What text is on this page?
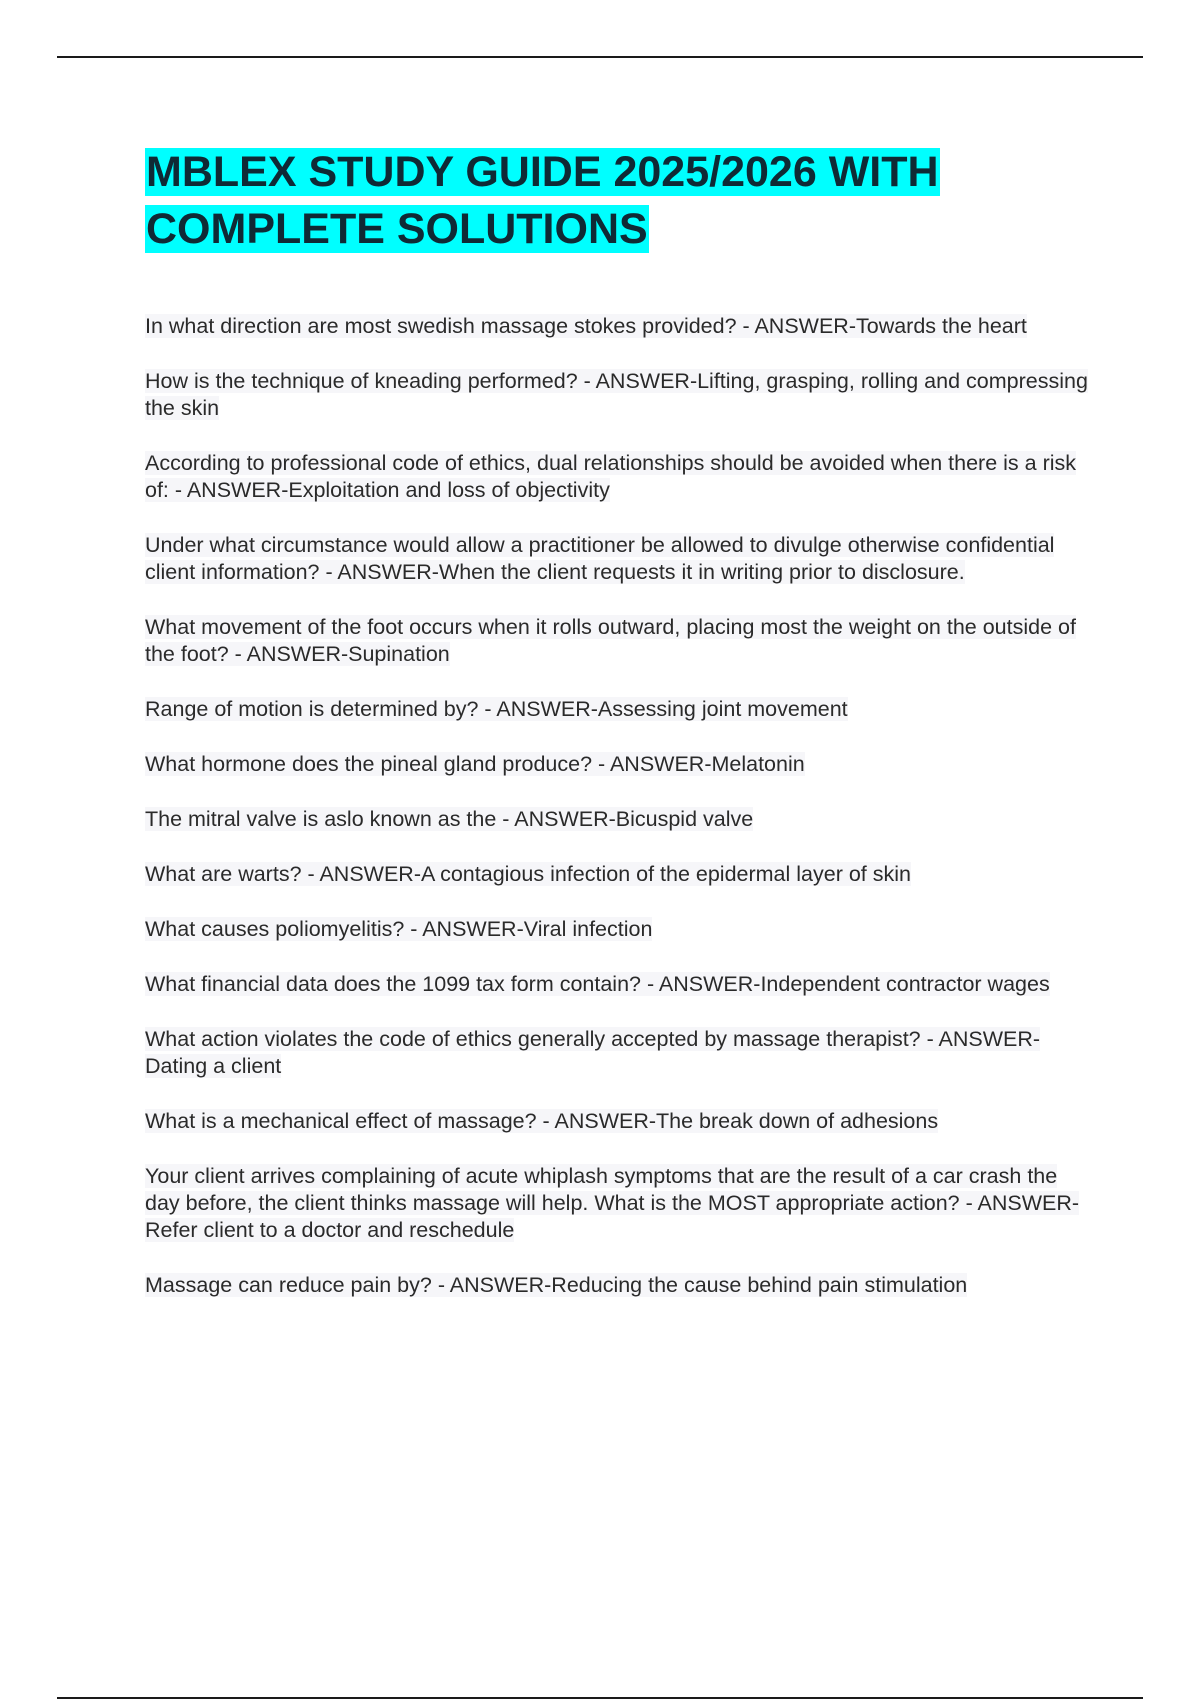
MBLEX STUDY GUIDE 2025/2026 WITH COMPLETE SOLUTIONS
In what direction are most swedish massage stokes provided? - ANSWER-Towards the heart
How is the technique of kneading performed? - ANSWER-Lifting, grasping, rolling and compressing the skin
According to professional code of ethics, dual relationships should be avoided when there is a risk of: - ANSWER-Exploitation and loss of objectivity
Under what circumstance would allow a practitioner be allowed to divulge otherwise confidential client information? - ANSWER-When the client requests it in writing prior to disclosure.
What movement of the foot occurs when it rolls outward, placing most the weight on the outside of the foot? - ANSWER-Supination
Range of motion is determined by? - ANSWER-Assessing joint movement
What hormone does the pineal gland produce? - ANSWER-Melatonin
The mitral valve is aslo known as the - ANSWER-Bicuspid valve
What are warts? - ANSWER-A contagious infection of the epidermal layer of skin
What causes poliomyelitis? - ANSWER-Viral infection
What financial data does the 1099 tax form contain? - ANSWER-Independent contractor wages
What action violates the code of ethics generally accepted by massage therapist? - ANSWER-Dating a client
What is a mechanical effect of massage? - ANSWER-The break down of adhesions
Your client arrives complaining of acute whiplash symptoms that are the result of a car crash the day before, the client thinks massage will help. What is the MOST appropriate action? - ANSWER-Refer client to a doctor and reschedule
Massage can reduce pain by? - ANSWER-Reducing the cause behind pain stimulation
